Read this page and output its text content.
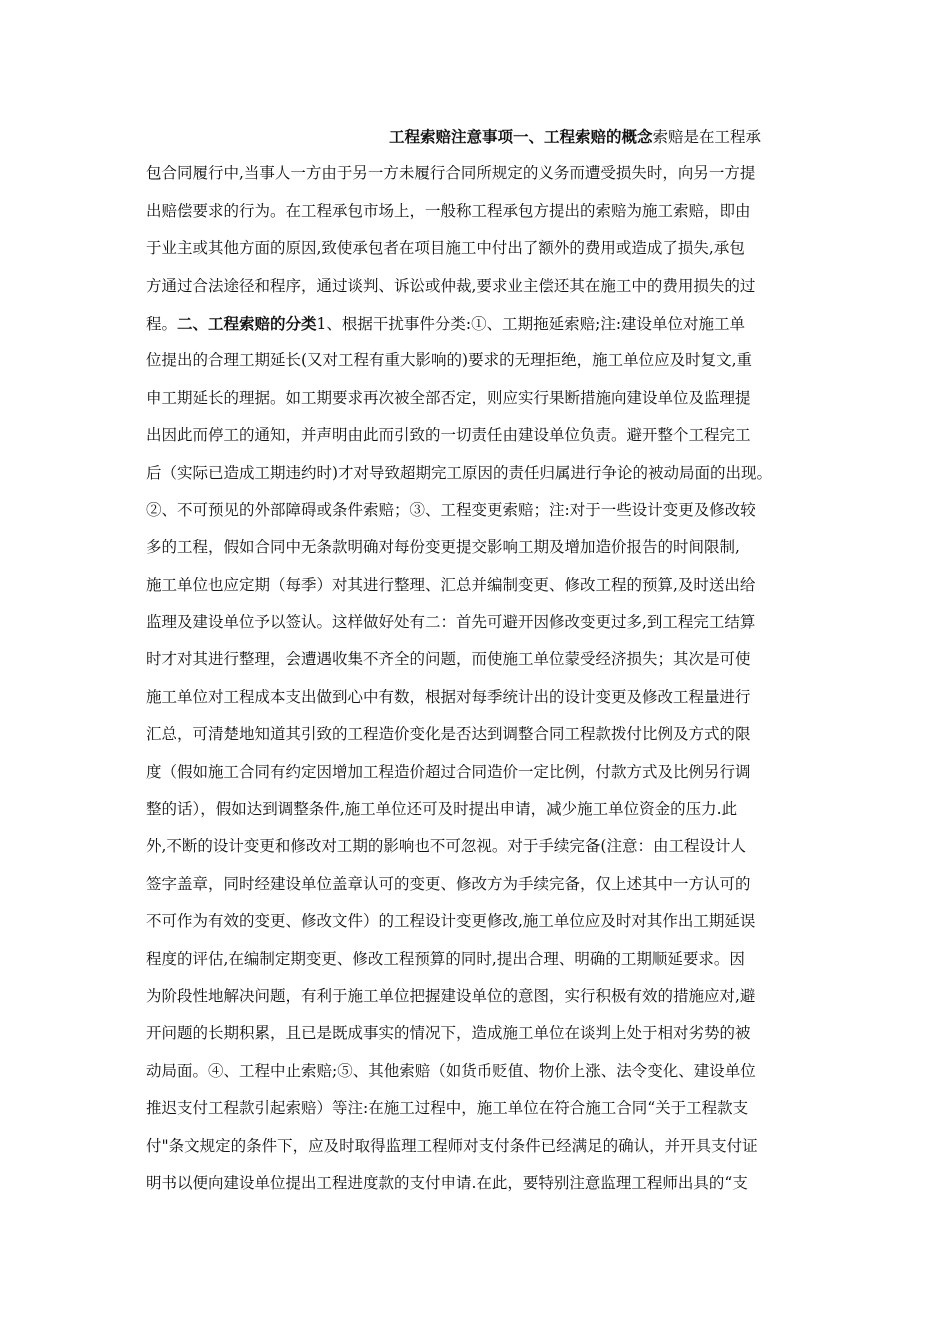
工程索赔注意事项一、工程索赔的概念索赔是在工程承
包合同履行中,当事人一方由于另一方未履行合同所规定的义务而遭受损失时，向另一方提
出赔偿要求的行为。在工程承包市场上，一般称工程承包方提出的索赔为施工索赔，即由
于业主或其他方面的原因,致使承包者在项目施工中付出了额外的费用或造成了损失,承包
方通过合法途径和程序，通过谈判、诉讼或仲裁,要求业主偿还其在施工中的费用损失的过
程。二、工程索赔的分类1、根据干扰事件分类:①、工期拖延索赔;注:建设单位对施工单
位提出的合理工期延长(又对工程有重大影响的)要求的无理拒绝，施工单位应及时复文,重
申工期延长的理据。如工期要求再次被全部否定，则应实行果断措施向建设单位及监理提
出因此而停工的通知，并声明由此而引致的一切责任由建设单位负责。避开整个工程完工
后（实际已造成工期违约时)才对导致超期完工原因的责任归属进行争论的被动局面的出现。
②、不可预见的外部障碍或条件索赔；③、工程变更索赔；注:对于一些设计变更及修改较
多的工程，假如合同中无条款明确对每份变更提交影响工期及增加造价报告的时间限制,
施工单位也应定期（每季）对其进行整理、汇总并编制变更、修改工程的预算,及时送出给
监理及建设单位予以签认。这样做好处有二：首先可避开因修改变更过多,到工程完工结算
时才对其进行整理，会遭遇收集不齐全的问题，而使施工单位蒙受经济损失；其次是可使
施工单位对工程成本支出做到心中有数，根据对每季统计出的设计变更及修改工程量进行
汇总，可清楚地知道其引致的工程造价变化是否达到调整合同工程款拨付比例及方式的限
度（假如施工合同有约定因增加工程造价超过合同造价一定比例，付款方式及比例另行调
整的话），假如达到调整条件,施工单位还可及时提出申请，减少施工单位资金的压力.此
外,不断的设计变更和修改对工期的影响也不可忽视。对于手续完备(注意：由工程设计人
签字盖章，同时经建设单位盖章认可的变更、修改方为手续完备，仅上述其中一方认可的
不可作为有效的变更、修改文件）的工程设计变更修改,施工单位应及时对其作出工期延误
程度的评估,在编制定期变更、修改工程预算的同时,提出合理、明确的工期顺延要求。因
为阶段性地解决问题，有利于施工单位把握建设单位的意图，实行积极有效的措施应对,避
开问题的长期积累，且已是既成事实的情况下，造成施工单位在谈判上处于相对劣势的被
动局面。④、工程中止索赔;⑤、其他索赔（如货币贬值、物价上涨、法令变化、建设单位
推迟支付工程款引起索赔）等注:在施工过程中，施工单位在符合施工合同“关于工程款支
付"条文规定的条件下，应及时取得监理工程师对支付条件已经满足的确认，并开具支付证
明书以便向建设单位提出工程进度款的支付申请.在此，要特别注意监理工程师出具的“支
